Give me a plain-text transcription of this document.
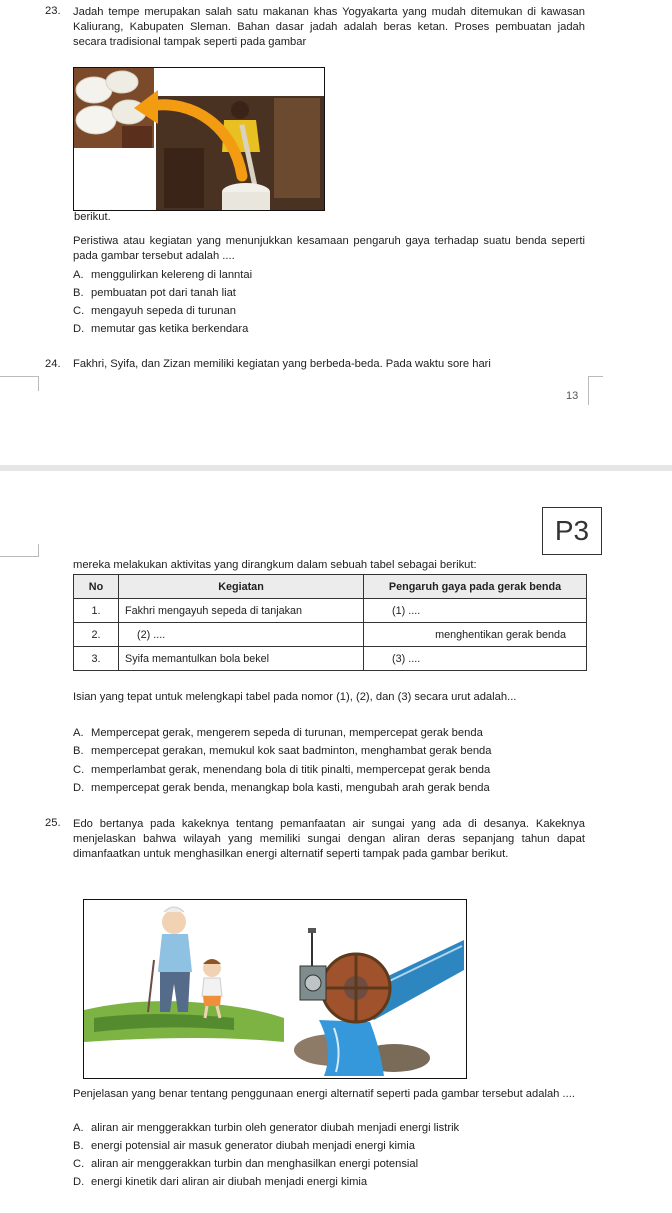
23. Jadah tempe merupakan salah satu makanan khas Yogyakarta yang mudah ditemukan di kawasan Kaliurang, Kabupaten Sleman. Bahan dasar jadah adalah beras ketan. Proses pembuatan jadah secara tradisional tampak seperti pada gambar
berikut.
Peristiwa atau kegiatan yang menunjukkan kesamaan pengaruh gaya terhadap suatu benda seperti pada gambar tersebut adalah ....
A. menggulirkan kelereng di lanntai
B. pembuatan pot dari tanah liat
C. mengayuh sepeda di turunan
D. memutar gas ketika berkendara
24. Fakhri, Syifa, dan Zizan memiliki kegiatan yang berbeda-beda. Pada waktu sore hari
13
P3
mereka melakukan aktivitas yang dirangkum dalam sebuah tabel sebagai berikut:
No	Kegiatan	Pengaruh gaya pada gerak benda
1.	Fakhri mengayuh sepeda di tanjakan	(1) ....
2.	(2) ....	menghentikan gerak benda
3.	Syifa memantulkan bola bekel	(3) ....
Isian yang tepat untuk melengkapi tabel pada nomor (1), (2), dan (3) secara urut adalah...
A. Mempercepat gerak, mengerem sepeda di turunan, mempercepat gerak benda
B. mempercepat gerakan, memukul kok saat badminton, menghambat gerak benda
C. memperlambat gerak, menendang bola di titik pinalti, mempercepat gerak benda
D. mempercepat gerak benda, menangkap bola kasti, mengubah arah gerak benda
25. Edo bertanya pada kakeknya tentang pemanfaatan air sungai yang ada di desanya. Kakeknya menjelaskan bahwa wilayah yang memiliki sungai dengan aliran deras sepanjang tahun dapat dimanfaatkan untuk menghasilkan energi alternatif seperti tampak pada gambar berikut.
Penjelasan yang benar tentang penggunaan energi alternatif seperti pada gambar tersebut adalah ....
A. aliran air menggerakkan turbin oleh generator diubah menjadi energi listrik
B. energi potensial air masuk generator diubah menjadi energi kimia
C. aliran air menggerakkan turbin dan menghasilkan energi potensial
D. energi kinetik dari aliran air diubah menjadi energi kimia
